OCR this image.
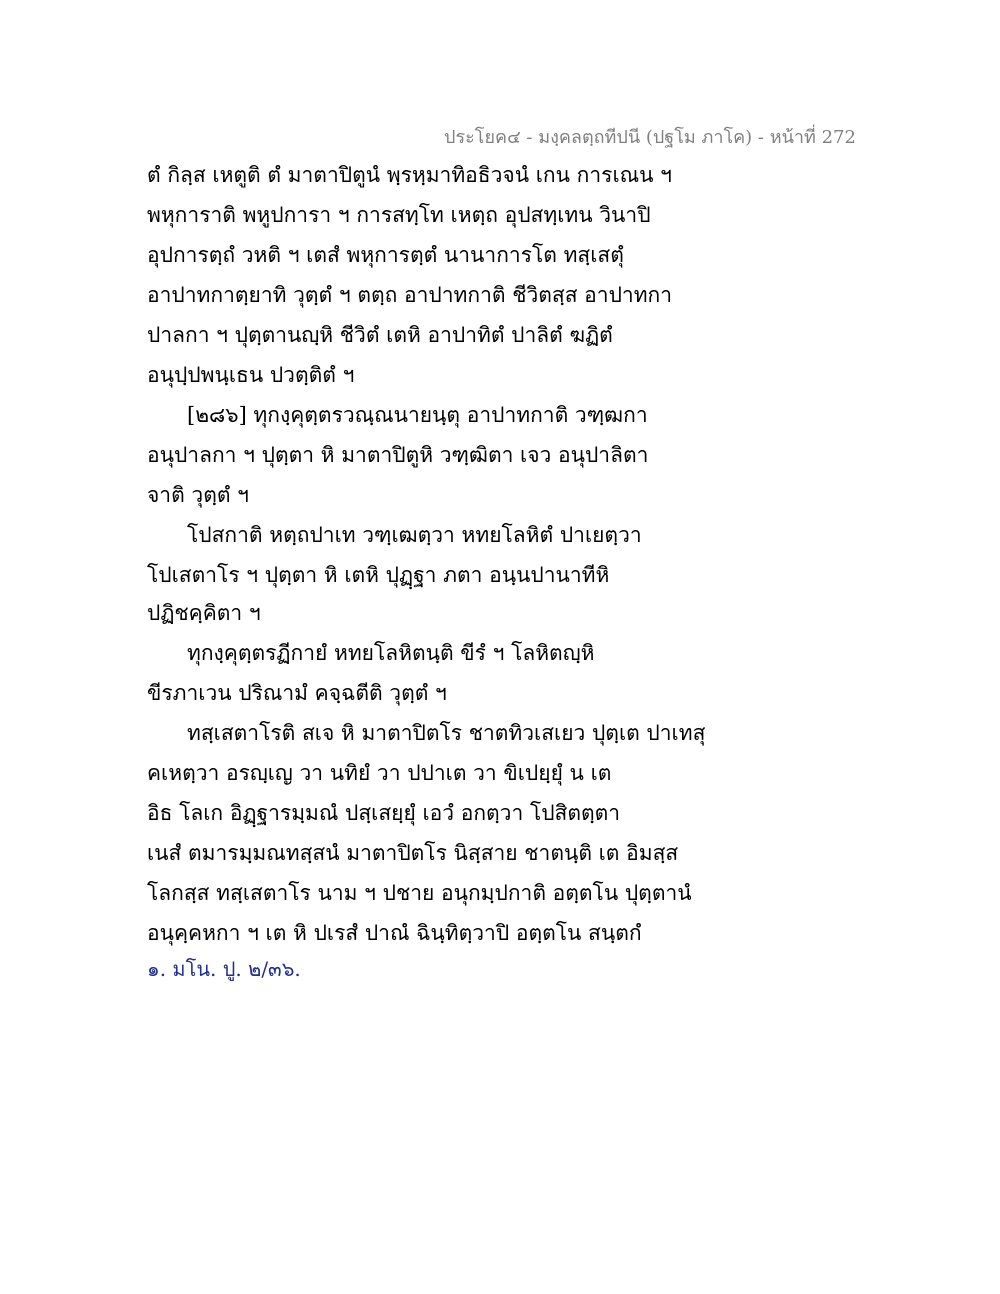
ประโยค๔ - มงฺคลตฺถทีปนี (ปฐโม ภาโค) - หน้าที่ 272
ตํ กิลฺส เหตูติ ตํ มาตาปิตูนํ พฺรหฺมาทิอธิวจนํ เกน การเณน ฯ
พหุการาติ พหูปการา ฯ การสทฺโท เหตฺถ อุปสทฺเทน วินาปิ
อุปการตฺถํ วหติ ฯ เตสํ พหุการตฺตํ นานาการโต ทสฺเสตุํ
อาปาทกาตฺยาทิ วุตฺตํ ฯ ตตฺถ อาปาทกาติ ชีวิตสฺส อาปาทกา
ปาลกา ฯ ปุตฺตานญฺหิ ชีวิตํ เตหิ อาปาทิตํ ปาลิตํ ฆฏิตํ
อนุปฺปพนฺเธน ปวตฺติตํ ฯ
[๒๘๖] ทุกงฺคุตฺตรวณฺณนายนฺตุ อาปาทกาติ วฑฺฒกา
อนุปาลกา ฯ ปุตฺตา หิ มาตาปิตูหิ วฑฺฒิตา เจว อนุปาลิตา
จาติ วุตฺตํ ฯ
โปสกาติ หตฺถปาเท วฑฺเฒตฺวา หทยโลหิตํ ปาเยตฺวา
โปเสตาโร ฯ ปุตฺตา หิ เตหิ ปุฏฺฐา ภตา อนฺนปานาทีหิ
ปฏิชคฺคิตา ฯ
ทุกงฺคุตฺตรฏีกายํ หทยโลหิตนฺติ ขีรํ ฯ โลหิตญฺหิ
ขีรภาเวน ปริณามํ คจฺฉตีติ วุตฺตํ ฯ
ทสฺเสตาโรติ สเจ หิ มาตาปิตโร ชาตทิวเสเยว ปุตฺเต ปาเทสุ
คเหตฺวา อรญฺเญ วา นทิยํ วา ปปาเต วา ขิเปยฺยุํ น เต
อิธ โลเก อิฏฺฐารมฺมณํ ปสฺเสยฺยุํ เอวํ อกตฺวา โปสิตตฺตา
เนสํ ตมารมฺมณทสฺสนํ มาตาปิตโร นิสฺสาย ชาตนฺติ เต อิมสฺส
โลกสฺส ทสฺเสตาโร นาม ฯ ปชาย อนุกมฺปกาติ อตฺตโน ปุตฺตานํ
อนุคฺคหกา ฯ เต หิ ปเรสํ ปาณํ ฉินฺทิตฺวาปิ อตฺตโน สนฺตกํ
๑. มโน. ปู. ๒/๓๖.
